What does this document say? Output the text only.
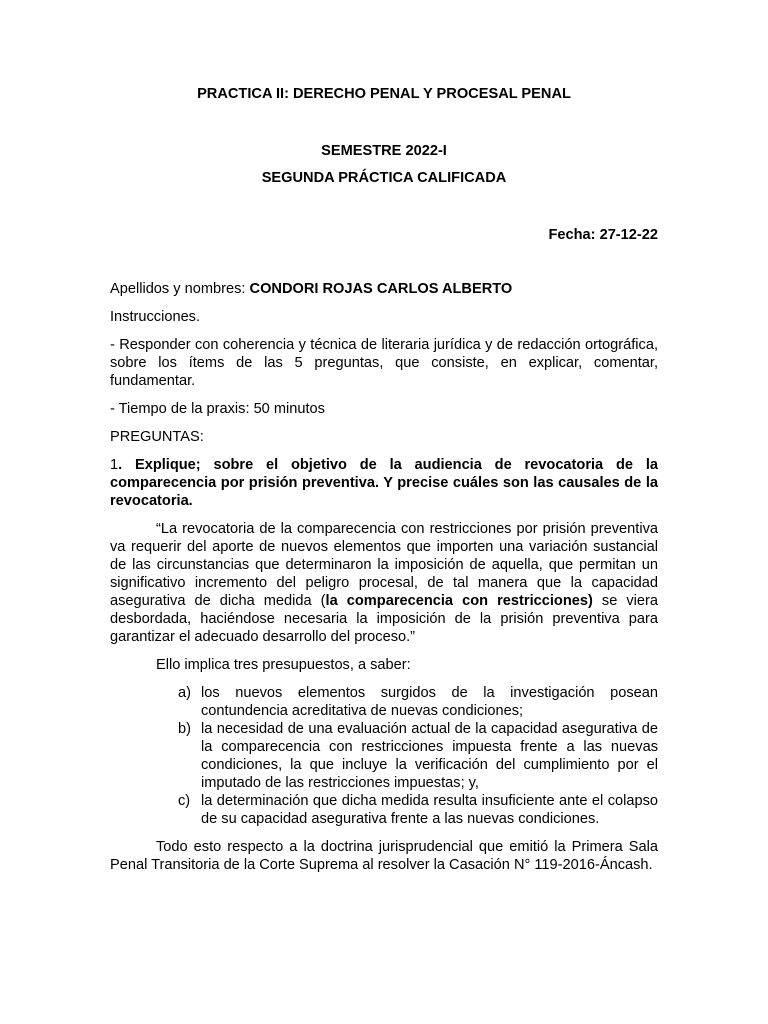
PRACTICA II: DERECHO PENAL Y PROCESAL PENAL

SEMESTRE 2022-I

SEGUNDA PRÁCTICA CALIFICADA

Fecha: 27-12-22

Apellidos y nombres: CONDORI ROJAS CARLOS ALBERTO

Instrucciones.

- Responder con coherencia y técnica de literaria jurídica y de redacción ortográfica, sobre los ítems de las 5 preguntas, que consiste, en explicar, comentar, fundamentar.

- Tiempo de la praxis: 50 minutos

PREGUNTAS:

1. Explique; sobre el objetivo de la audiencia de revocatoria de la comparecencia por prisión preventiva. Y precise cuáles son las causales de la revocatoria.

“La revocatoria de la comparecencia con restricciones por prisión preventiva va requerir del aporte de nuevos elementos que importen una variación sustancial de las circunstancias que determinaron la imposición de aquella, que permitan un significativo incremento del peligro procesal, de tal manera que la capacidad asegurativa de dicha medida (la comparecencia con restricciones) se viera desbordada, haciéndose necesaria la imposición de la prisión preventiva para garantizar el adecuado desarrollo del proceso.”

Ello implica tres presupuestos, a saber:

a) los nuevos elementos surgidos de la investigación posean contundencia acreditativa de nuevas condiciones;
b) la necesidad de una evaluación actual de la capacidad asegurativa de la comparecencia con restricciones impuesta frente a las nuevas condiciones, la que incluye la verificación del cumplimiento por el imputado de las restricciones impuestas; y,
c) la determinación que dicha medida resulta insuficiente ante el colapso de su capacidad asegurativa frente a las nuevas condiciones.

Todo esto respecto a la doctrina jurisprudencial que emitió la Primera Sala Penal Transitoria de la Corte Suprema al resolver la Casación N° 119-2016-Áncash.
